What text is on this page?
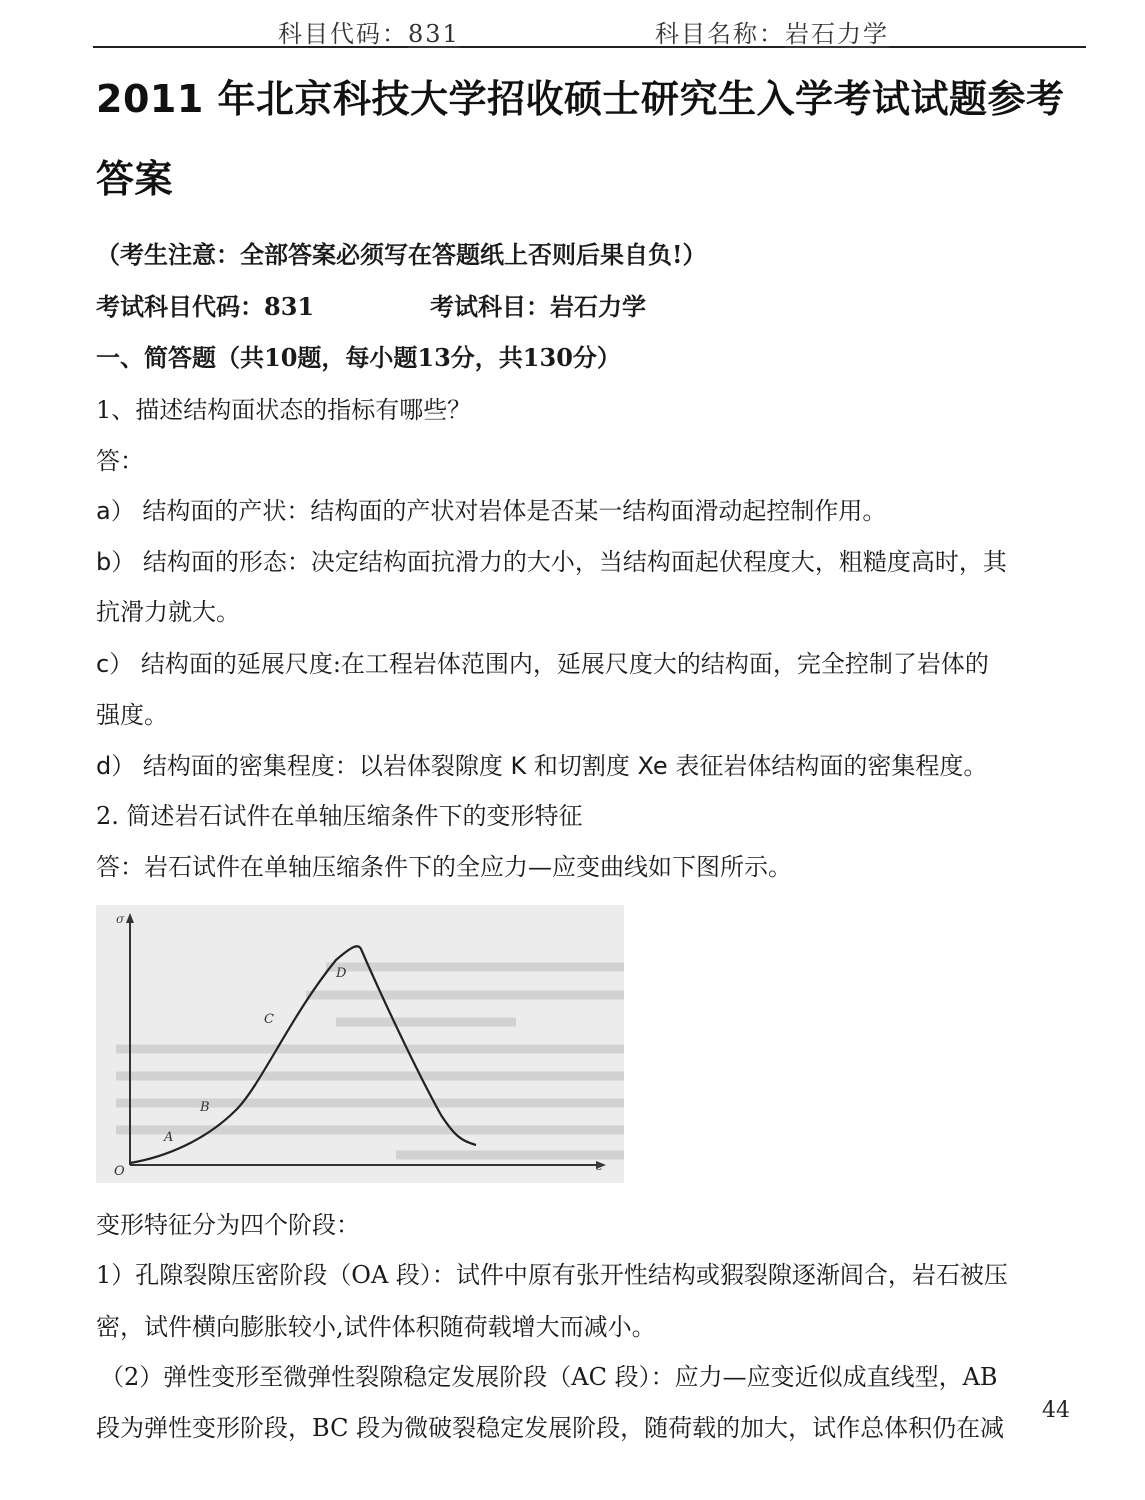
科目代码：831	科目名称：岩石力学
2011 年北京科技大学招收硕士研究生入学考试试题参考
答案
（考生注意：全部答案必须写在答题纸上否则后果自负!）
考试科目代码：831	考试科目：岩石力学
一、简答题（共10题，每小题13分，共130分）
1、描述结构面状态的指标有哪些？
答：
a） 结构面的产状：结构面的产状对岩体是否某一结构面滑动起控制作用。
b） 结构面的形态：决定结构面抗滑力的大小，当结构面起伏程度大，粗糙度高时，其
抗滑力就大。
c） 结构面的延展尺度:在工程岩体范围内，延展尺度大的结构面，完全控制了岩体的
强度。
d） 结构面的密集程度：以岩体裂隙度 K 和切割度 Xe 表征岩体结构面的密集程度。
2. 简述岩石试件在单轴压缩条件下的变形特征
答：岩石试件在单轴压缩条件下的全应力—应变曲线如下图所示。
σ
ε
O
A
B
C
D
变形特征分为四个阶段：
1）孔隙裂隙压密阶段（OA 段）：试件中原有张开性结构或猳裂隙逐渐闾合，岩石被压
密，试件横向膨胀较小,试件体积随荷载增大而减小。
（2）弹性变形至微弹性裂隙稳定发展阶段（AC 段）：应力—应变近似成直线型，AB
段为弹性变形阶段，BC 段为微破裂稳定发展阶段，随荷载的加大，试作总体积仍在减
44
